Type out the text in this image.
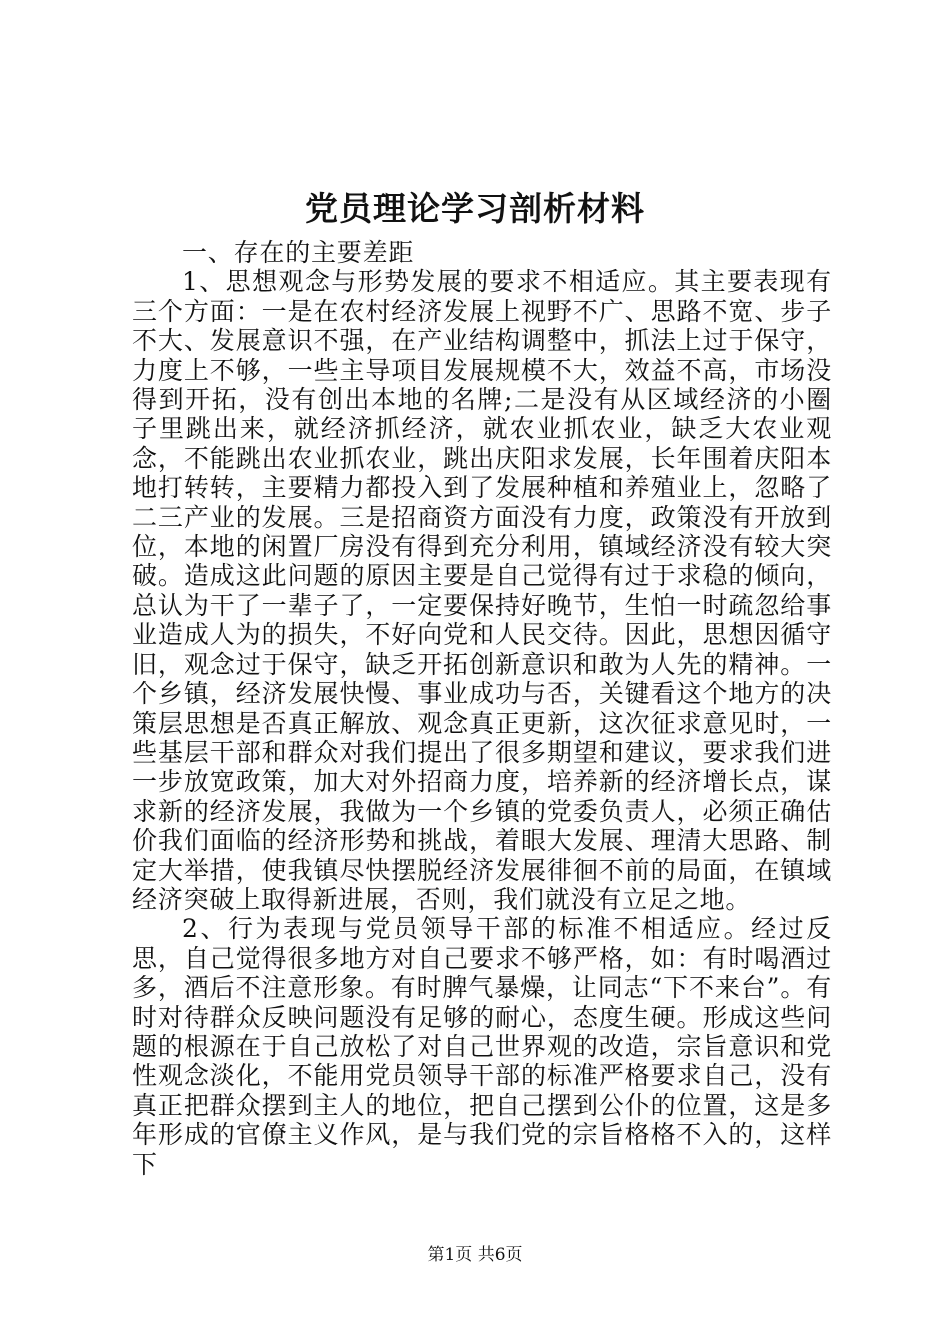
党员理论学习剖析材料

一、存在的主要差距

1、思想观念与形势发展的要求不相适应。其主要表现有三个方面：一是在农村经济发展上视野不广、思路不宽、步子不大、发展意识不强，在产业结构调整中，抓法上过于保守，力度上不够，一些主导项目发展规模不大，效益不高，市场没得到开拓，没有创出本地的名牌;二是没有从区域经济的小圈子里跳出来，就经济抓经济，就农业抓农业，缺乏大农业观念，不能跳出农业抓农业，跳出庆阳求发展，长年围着庆阳本地打转转，主要精力都投入到了发展种植和养殖业上，忽略了二三产业的发展。三是招商资方面没有力度，政策没有开放到位，本地的闲置厂房没有得到充分利用，镇域经济没有较大突破。造成这此问题的原因主要是自己觉得有过于求稳的倾向，总认为干了一辈子了，一定要保持好晚节，生怕一时疏忽给事业造成人为的损失，不好向党和人民交待。因此，思想因循守旧，观念过于保守，缺乏开拓创新意识和敢为人先的精神。一个乡镇，经济发展快慢、事业成功与否，关键看这个地方的决策层思想是否真正解放、观念真正更新，这次征求意见时，一些基层干部和群众对我们提出了很多期望和建议，要求我们进一步放宽政策，加大对外招商力度，培养新的经济增长点，谋求新的经济发展，我做为一个乡镇的党委负责人，必须正确估价我们面临的经济形势和挑战，着眼大发展、理清大思路、制定大举措，使我镇尽快摆脱经济发展徘徊不前的局面，在镇域经济突破上取得新进展，否则，我们就没有立足之地。

2、行为表现与党员领导干部的标准不相适应。经过反思，自己觉得很多地方对自己要求不够严格，如：有时喝酒过多，酒后不注意形象。有时脾气暴燥，让同志“下不来台”。有时对待群众反映问题没有足够的耐心，态度生硬。形成这些问题的根源在于自己放松了对自己世界观的改造，宗旨意识和党性观念淡化，不能用党员领导干部的标准严格要求自己，没有真正把群众摆到主人的地位，把自己摆到公仆的位置，这是多年形成的官僚主义作风，是与我们党的宗旨格格不入的，这样下

第1页 共6页
